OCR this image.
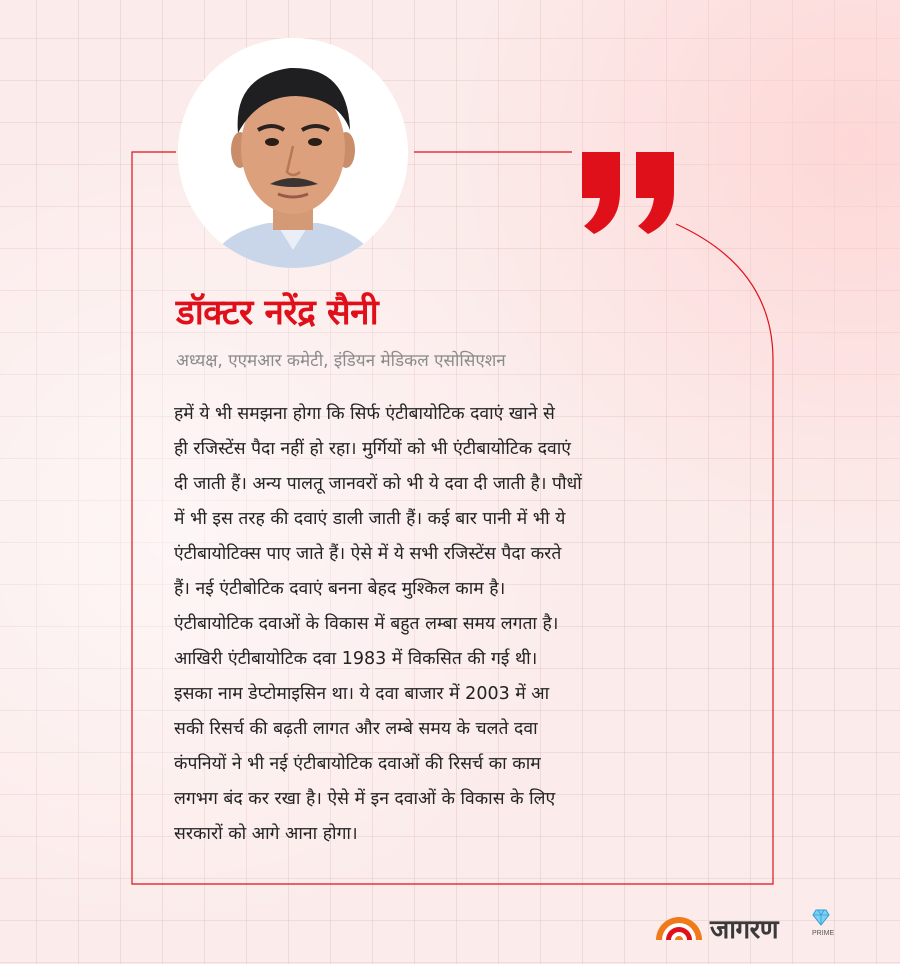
डॉक्टर नरेंद्र सैनी
अध्यक्ष, एएमआर कमेटी, इंडियन मेडिकल एसोसिएशन
हमें ये भी समझना होगा कि सिर्फ एंटीबायोटिक दवाएं खाने से
ही रजिस्टेंस पैदा नहीं हो रहा। मुर्गियों को भी एंटीबायोटिक दवाएं
दी जाती हैं। अन्य पालतू जानवरों को भी ये दवा दी जाती है। पौधों
में भी इस तरह की दवाएं डाली जाती हैं। कई बार पानी में भी ये
एंटीबायोटिक्स पाए जाते हैं। ऐसे में ये सभी रजिस्टेंस पैदा करते
हैं। नई एंटीबोटिक दवाएं बनना बेहद मुश्किल काम है।
एंटीबायोटिक दवाओं के विकास में बहुत लम्बा समय लगता है।
आखिरी एंटीबायोटिक दवा 1983 में विकसित की गई थी।
इसका नाम डेप्टोमाइसिन था। ये दवा बाजार में 2003 में आ
सकी रिसर्च की बढ़ती लागत और लम्बे समय के चलते दवा
कंपनियों ने भी नई एंटीबायोटिक दवाओं की रिसर्च का काम
लगभग बंद कर रखा है। ऐसे में इन दवाओं के विकास के लिए
सरकारों को आगे आना होगा।
जागरण	PRIME
